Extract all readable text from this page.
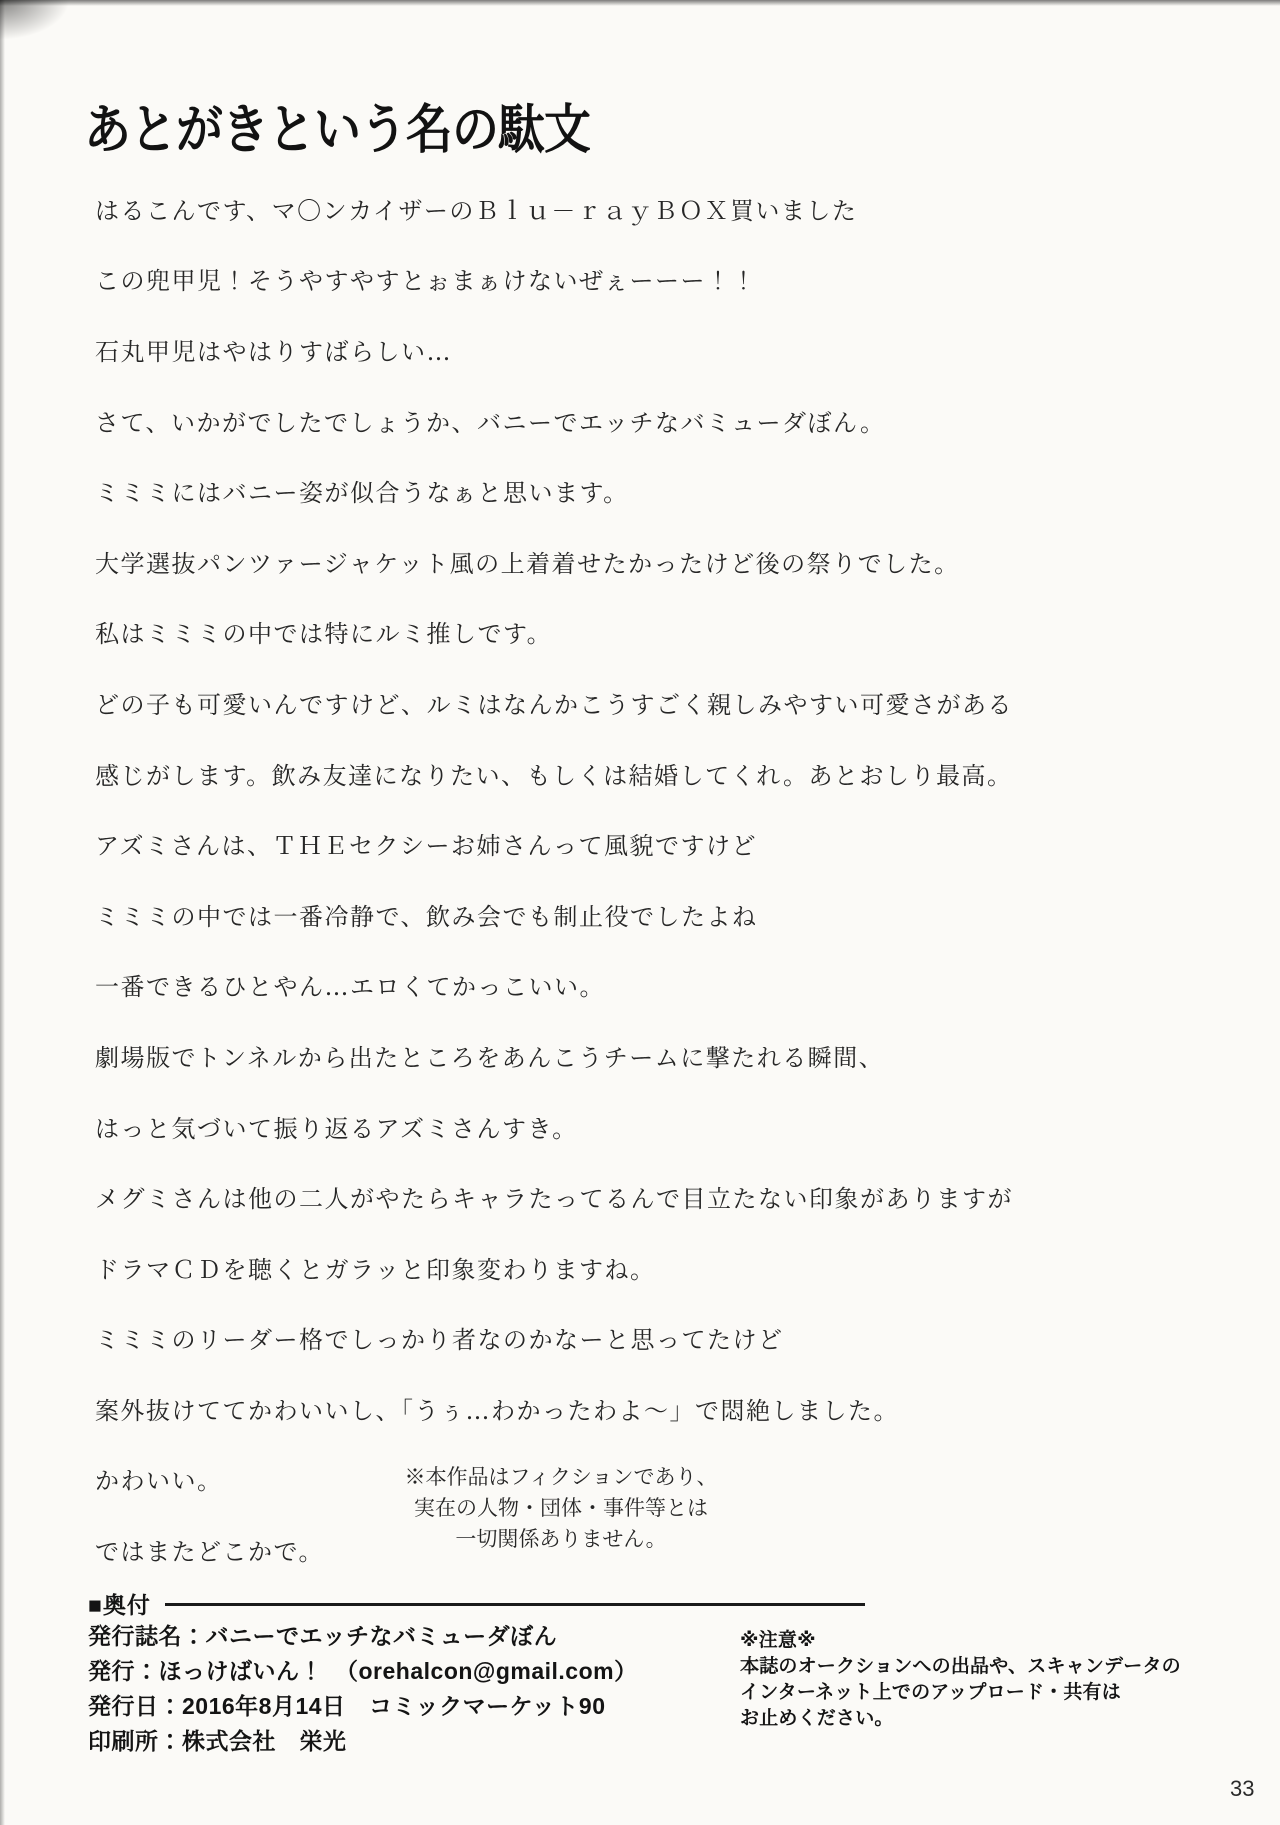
あとがきという名の駄文

はるこんです、マ〇ンカイザーのＢｌｕ－ｒａｙＢＯＸ買いました

この兜甲児！そうやすやすとぉまぁけないぜぇーーー！！

石丸甲児はやはりすばらしい…

さて、いかがでしたでしょうか、バニーでエッチなバミューダぼん。

ミミミにはバニー姿が似合うなぁと思います。

大学選抜パンツァージャケット風の上着着せたかったけど後の祭りでした。

私はミミミの中では特にルミ推しです。

どの子も可愛いんですけど、ルミはなんかこうすごく親しみやすい可愛さがある

感じがします。飲み友達になりたい、もしくは結婚してくれ。あとおしり最高。

アズミさんは、ＴＨＥセクシーお姉さんって風貌ですけど

ミミミの中では一番冷静で、飲み会でも制止役でしたよね

一番できるひとやん…エロくてかっこいい。

劇場版でトンネルから出たところをあんこうチームに撃たれる瞬間、

はっと気づいて振り返るアズミさんすき。

メグミさんは他の二人がやたらキャラたってるんで目立たない印象がありますが

ドラマＣＤを聴くとガラッと印象変わりますね。

ミミミのリーダー格でしっかり者なのかなーと思ってたけど

案外抜けててかわいいし、「うぅ…わかったわよ～」で悶絶しました。

かわいい。

ではまたどこかで。

※本作品はフィクションであり、

実在の人物・団体・事件等とは

一切関係ありません。

■奥付

発行誌名：バニーでエッチなバミューダぼん

発行：ほっけばいん！　（orehalcon@gmail.com）

発行日：2016年8月14日　コミックマーケット90

印刷所：株式会社　栄光

※注意※

本誌のオークションへの出品や、スキャンデータの

インターネット上でのアップロード・共有は

お止めください。

33
